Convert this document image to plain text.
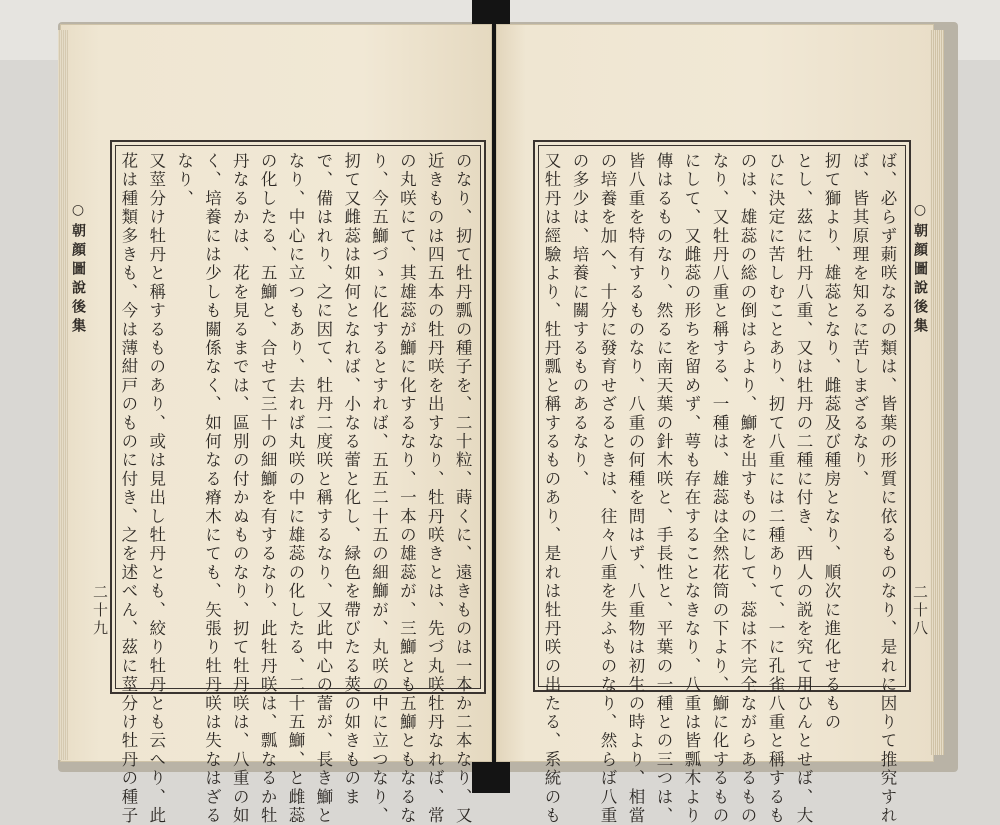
○朝顔圖說後集	のなり、扨て牡丹瓢の種子を、二十粒、蒔くに、遠きものは一本か二本なり、又
近きものは四五本の牡丹咲を出すなり、牡丹咲きとは、先づ丸咲牡丹なれば、常
の丸咲にて、其雄蕊が鰤に化するなり、一本の雄蕊が、三鰤とも五鰤ともなるな
り、今五鰤づゝに化するとすれば、五五二十五の細鰤が、丸咲の中に立つなり、
扨て又雌蕊は如何となれば、小なる蕾と化し、緑色を帶びたる莢の如きものま
で、備はれり、之に因て、牡丹二度咲と稱するなり、又此中心の蕾が、長き鰤と
なり、中心に立つもあり、去れば丸咲の中に雄蕊の化したる、二十五鰤、と雌蕊
の化したる、五鰤と、合せて三十の細鰤を有するなり、此牡丹咲は、瓢なるか牡
丹なるかは、花を見るまでは、區別の付かぬものなり、扨て牡丹咲は、八重の如
く、培養には少しも關係なく、如何なる瘠木にても、矢張り牡丹咲は失なはざる
なり、
又莖分け牡丹と稱するものあり、或は見出し牡丹とも、絞り牡丹とも云へり、此
花は種類多きも、今は薄紺戸のものに付き、之を述べん、茲に莖分け牡丹の種子
二十九	ば、必らず莿咲なるの類は、皆葉の形質に依るものなり、是れに因りて推究すれ
ば、皆其原理を知るに苦しまざるなり、
扨て獅より、雄蕊となり、雌蕊及び種房となり、順次に進化せるもの
とし、茲に牡丹八重、又は牡丹の二種に付き、西人の説を究て用ひんとせば、大
ひに決定に苦しむことあり、扨て八重には二種ありて、一に孔雀八重と稱するも
のは、雄蕊の総の倒はらより、鰤を出すものにして、蕊は不完全ながらあるもの
なり、又牡丹八重と稱する、一種は、雄蕊は全然花筒の下より、鰤に化するもの
にして、又雌蕊の形ちを留めず、萼も存在することなきなり、八重は皆瓢木より
傳はるものなり、然るに南天葉の針木咲と、手長性と、平葉の一種との三つは、
皆八重を特有するものなり、八重の何種を問はず、八重物は初生の時より、相當
の培養を加へ、十分に發育せざるときは、往々八重を失ふものなり、然らば八重
の多少は、培養に關するものあるなり、
又牡丹は經驗より、牡丹瓢と稱するものあり、是れは牡丹咲の出たる、系統のも	○朝顔圖說後集
二十八
